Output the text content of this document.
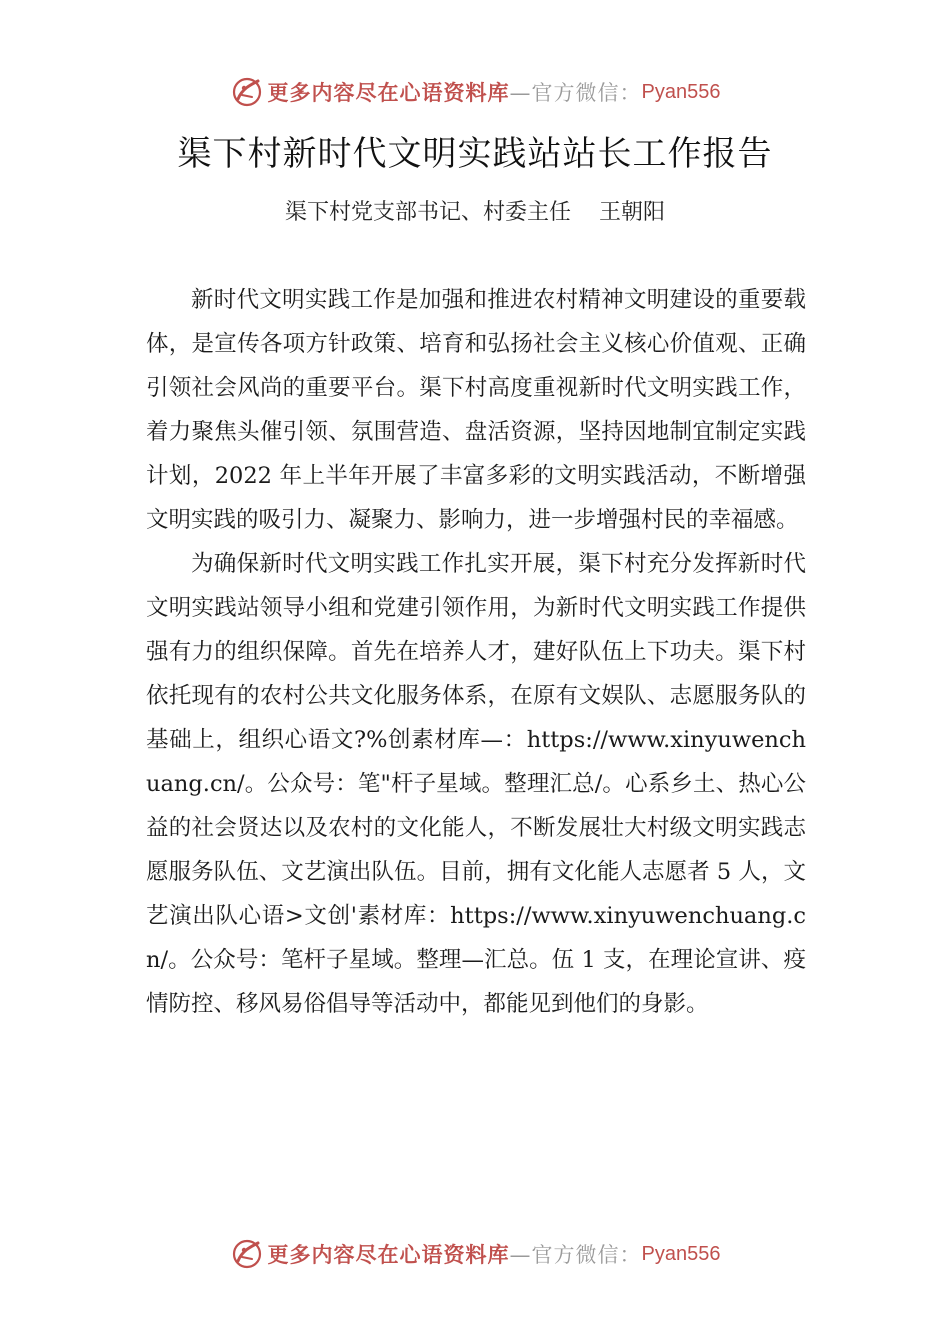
更多内容尽在心语资料库 —官方微信： Pyan556
渠下村新时代文明实践站站长工作报告
渠下村党支部书记、村委主任 王朝阳

新时代文明实践工作是加强和推进农村精神文明建设的重要载体，是宣传各项方针政策、培育和弘扬社会主义核心价值观、正确引领社会风尚的重要平台。渠下村高度重视新时代文明实践工作，着力聚焦头催引领、氛围营造、盘活资源，坚持因地制宜制定实践计划，2022 年上半年开展了丰富多彩的文明实践活动，不断增强文明实践的吸引力、凝聚力、影响力，进一步增强村民的幸福感。

为确保新时代文明实践工作扎实开展，渠下村充分发挥新时代文明实践站领导小组和党建引领作用，为新时代文明实践工作提供强有力的组织保障。首先在培养人才，建好队伍上下功夫。渠下村依托现有的农村公共文化服务体系，在原有文娱队、志愿服务队的基础上，组织心语文?%创素材库—：https://www.xinyuwenchuang.cn/。公众号：笔"杆子星域。整理汇总/。心系乡土、热心公益的社会贤达以及农村的文化能人，不断发展壮大村级文明实践志愿服务队伍、文艺演出队伍。目前，拥有文化能人志愿者 5 人，文艺演出队心语>文创'素材库：https://www.xinyuwenchuang.cn/。公众号：笔杆子星域。整理—汇总。伍 1 支，在理论宣讲、疫情防控、移风易俗倡导等活动中，都能见到他们的身影。

更多内容尽在心语资料库 —官方微信： Pyan556
